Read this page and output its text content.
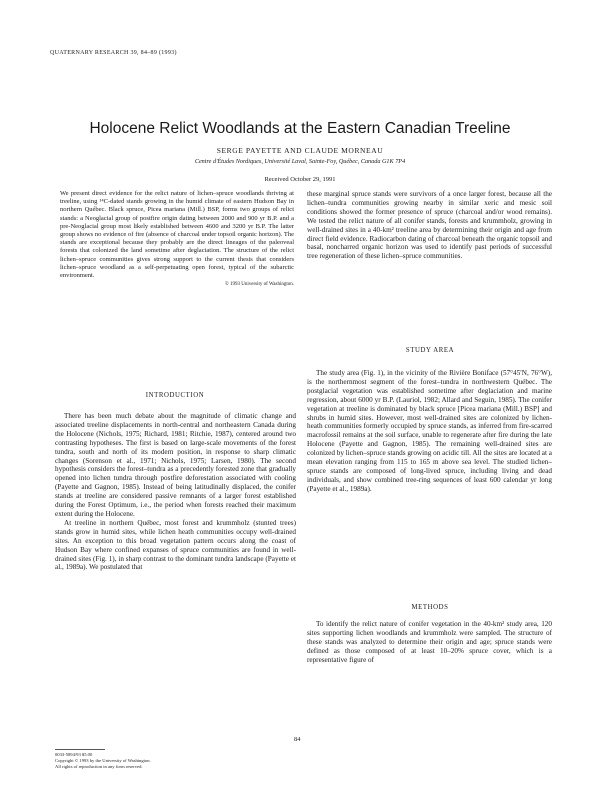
QUATERNARY RESEARCH 39, 84–89 (1993)
Holocene Relict Woodlands at the Eastern Canadian Treeline
SERGE PAYETTE AND CLAUDE MORNEAU
Centre d'Études Nordiques, Université Laval, Sainte-Foy, Québec, Canada G1K 7P4
Received October 29, 1991

We present direct evidence for the relict nature of lichen–spruce woodlands thriving at treeline, using ¹⁴C-dated stands growing in the humid climate of eastern Hudson Bay in northern Québec. Black spruce, Picea mariana (Mill.) BSP, forms two groups of relict stands: a Neoglacial group of postfire origin dating between 2000 and 900 yr B.P. and a pre-Neoglacial group most likely established between 4600 and 3200 yr B.P. The latter group shows no evidence of fire (absence of charcoal under topsoil organic horizon). The stands are exceptional because they probably are the direct lineages of the paleoveal forests that colonized the land sometime after deglaciation. The structure of the relict lichen–spruce communities gives strong support to the current thesis that considers lichen–spruce woodland as a self-perpetuating open forest, typical of the subarctic environment.

© 1993 University of Washington.

these marginal spruce stands were survivors of a once larger forest, because all the lichen–tundra communities growing nearby in similar xeric and mesic soil conditions showed the former presence of spruce (charcoal and/or wood remains). We tested the relict nature of all conifer stands, forests and krummholz, growing in well-drained sites in a 40-km² treeline area by determining their origin and age from direct field evidence. Radiocarbon dating of charcoal beneath the organic topsoil and basal, noncharred organic horizon was used to identify past periods of successful tree regeneration of these lichen–spruce communities.

INTRODUCTION

There has been much debate about the magnitude of climatic change and associated treeline displacements in north-central and northeastern Canada during the Holocene (Nichols, 1975; Richard, 1981; Ritchie, 1987), centered around two contrasting hypotheses. The first is based on large-scale movements of the forest tundra, south and north of its modern position, in response to sharp climatic changes (Sorenson et al., 1971; Nichols, 1975; Larsen, 1980). The second hypothesis considers the forest–tundra as a precedently forested zone that gradually opened into lichen tundra through postfire deforestation associated with cooling (Payette and Gagnon, 1985). Instead of being latitudinally displaced, the conifer stands at treeline are considered passive remnants of a larger forest established during the Forest Optimum, i.e., the period when forests reached their maximum extent during the Holocene.

At treeline in northern Québec, most forest and krummholz (stunted trees) stands grow in humid sites, while lichen heath communities occupy well-drained sites. An exception to this broad vegetation pattern occurs along the coast of Hudson Bay where confined expanses of spruce communities are found in well-drained sites (Fig. 1), in sharp contrast to the dominant tundra landscape (Payette et al., 1989a). We postulated that

STUDY AREA

The study area (Fig. 1), in the vicinity of the Rivière Boniface (57°45′N, 76°W), is the northernmost segment of the forest–tundra in northwestern Québec. The postglacial vegetation was established sometime after deglaciation and marine regression, about 6000 yr B.P. (Lauriol, 1982; Allard and Seguin, 1985). The conifer vegetation at treeline is dominated by black spruce [Picea mariana (Mill.) BSP] and shrubs in humid sites. However, most well-drained sites are colonized by lichen-heath communities formerly occupied by spruce stands, as inferred from fire-scarred macrofossil remains at the soil surface, unable to regenerate after fire during the late Holocene (Payette and Gagnon, 1985). The remaining well-drained sites are colonized by lichen–spruce stands growing on acidic till. All the sites are located at a mean elevation ranging from 115 to 165 m above sea level. The studied lichen–spruce stands are composed of long-lived spruce, including living and dead individuals, and show combined tree-ring sequences of least 600 calendar yr long (Payette et al., 1989a).

METHODS

To identify the relict nature of conifer vegetation in the 40-km² study area, 120 sites supporting lichen woodlands and krummholz were sampled. The structure of these stands was analyzed to determine their origin and age; spruce stands were defined as those composed of at least 10–20% spruce cover, which is a representative figure of

84
0033-5894/93 $5.00
Copyright © 1993 by the University of Washington.
All rights of reproduction in any form reserved.
